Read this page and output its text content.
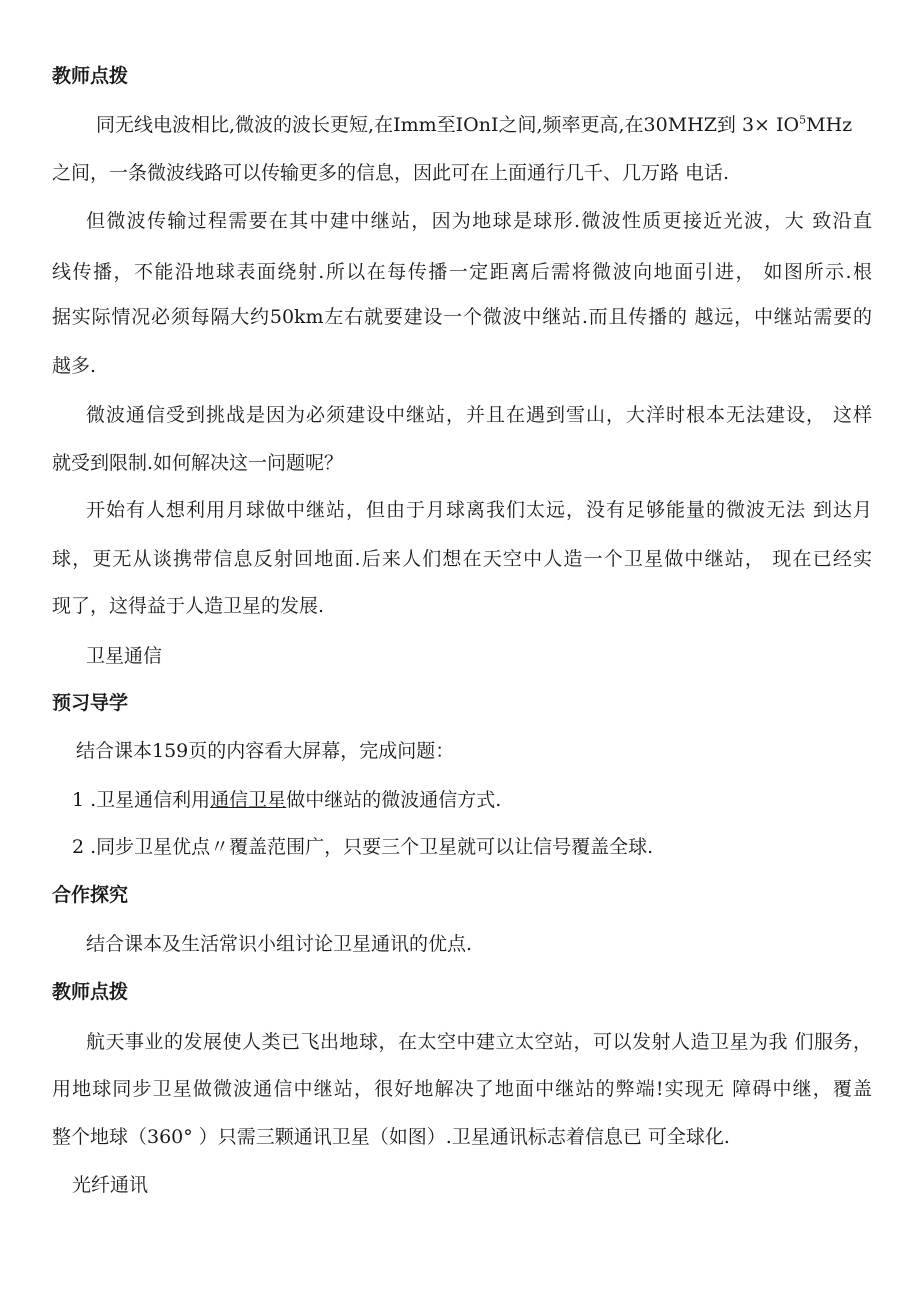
教师点拨
同无线电波相比,微波的波长更短,在Imm至IOnI之间,频率更高,在30MHZ到 $3\times IO^5MHz$
之间，一条微波线路可以传输更多的信息，因此可在上面通行几千、几万路 电话.
但微波传输过程需要在其中建中继站，因为地球是球形.微波性质更接近光波，大 致沿直
线传播，不能沿地球表面绕射.所以在每传播一定距离后需将微波向地面引进， 如图所示.根
据实际情况必须每隔大约50km左右就要建设一个微波中继站.而且传播的 越远，中继站需要的
越多.
微波通信受到挑战是因为必须建设中继站，并且在遇到雪山，大洋时根本无法建设， 这样
就受到限制.如何解决这一问题呢？
开始有人想利用月球做中继站，但由于月球离我们太远，没有足够能量的微波无法 到达月
球，更无从谈携带信息反射回地面.后来人们想在天空中人造一个卫星做中继站， 现在已经实
现了，这得益于人造卫星的发展.
卫星通信
预习导学
结合课本159页的内容看大屏幕，完成问题：
1 .卫星通信利用通信卫星做中继站的微波通信方式.
2 .同步卫星优点〃覆盖范围广，只要三个卫星就可以让信号覆盖全球.
合作探究
结合课本及生活常识小组讨论卫星通讯的优点.
教师点拨
航天事业的发展使人类已飞出地球，在太空中建立太空站，可以发射人造卫星为我 们服务，
用地球同步卫星做微波通信中继站，很好地解决了地面中继站的弊端!实现无 障碍中继，覆盖
整个地球（360° ）只需三颗通讯卫星（如图）.卫星通讯标志着信息已 可全球化.
光纤通讯
